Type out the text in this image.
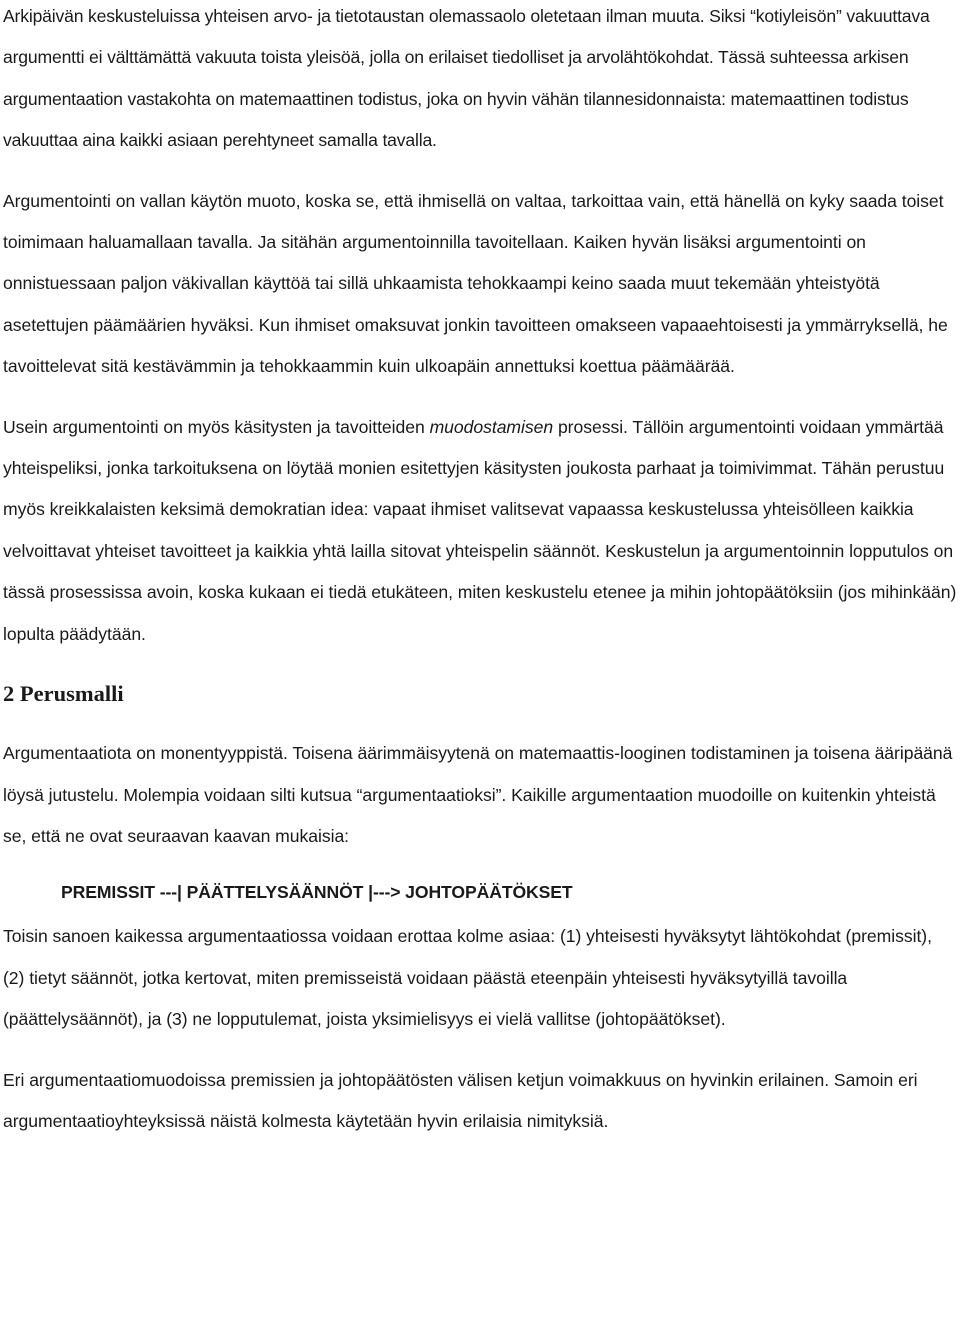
Arkipäivän keskusteluissa yhteisen arvo- ja tietotaustan olemassaolo oletetaan ilman muuta. Siksi “kotiyleisön” vakuuttava argumentti ei välttämättä vakuuta toista yleisöä, jolla on erilaiset tiedolliset ja arvolähtökohdat. Tässä suhteessa arkisen argumentaation vastakohta on matemaattinen todistus, joka on hyvin vähän tilannesidonnaista: matemaattinen todistus vakuuttaa aina kaikki asiaan perehtyneet samalla tavalla.

Argumentointi on vallan käytön muoto, koska se, että ihmisellä on valtaa, tarkoittaa vain, että hänellä on kyky saada toiset toimimaan haluamallaan tavalla. Ja sitähän argumentoinnilla tavoitellaan. Kaiken hyvän lisäksi argumentointi on onnistuessaan paljon väkivallan käyttöä tai sillä uhkaamista tehokkaampi keino saada muut tekemään yhteistyötä asetettujen päämäärien hyväksi. Kun ihmiset omaksuvat jonkin tavoitteen omakseen vapaaehtoisesti ja ymmärryksellä, he tavoittelevat sitä kestävämmin ja tehokkaammin kuin ulkoapäin annettuksi koettua päämäärää.

Usein argumentointi on myös käsitysten ja tavoitteiden muodostamisen prosessi. Tällöin argumentointi voidaan ymmärtää yhteispeliksi, jonka tarkoituksena on löytää monien esitettyjen käsitysten joukosta parhaat ja toimivimmat. Tähän perustuu myös kreikkalaisten keksimä demokratian idea: vapaat ihmiset valitsevat vapaassa keskustelussa yhteisölleen kaikkia velvoittavat yhteiset tavoitteet ja kaikkia yhtä lailla sitovat yhteispelin säännöt. Keskustelun ja argumentoinnin lopputulos on tässä prosessissa avoin, koska kukaan ei tiedä etukäteen, miten keskustelu etenee ja mihin johtopäätöksiin (jos mihinkään) lopulta päädytään.

2 Perusmalli

Argumentaatiota on monentyyppistä. Toisena äärimmäisyytenä on matemaattis-looginen todistaminen ja toisena ääripäänä löysä jutustelu. Molempia voidaan silti kutsua “argumentaatioksi”. Kaikille argumentaation muodoille on kuitenkin yhteistä se, että ne ovat seuraavan kaavan mukaisia:

PREMISSIT ---| PÄÄTTELYSÄÄNNÖT |---> JOHTOPÄÄTÖKSET

Toisin sanoen kaikessa argumentaatiossa voidaan erottaa kolme asiaa: (1) yhteisesti hyväksytyt lähtökohdat (premissit), (2) tietyt säännöt, jotka kertovat, miten premisseistä voidaan päästä eteenpäin yhteisesti hyväksytyillä tavoilla (päättelysäännöt), ja (3) ne lopputulemat, joista yksimielisyys ei vielä vallitse (johtopäätökset).

Eri argumentaatiomuodoissa premissien ja johtopäätösten välisen ketjun voimakkuus on hyvinkin erilainen. Samoin eri argumentaatioyhteyksissä näistä kolmesta käytetään hyvin erilaisia nimityksiä.
